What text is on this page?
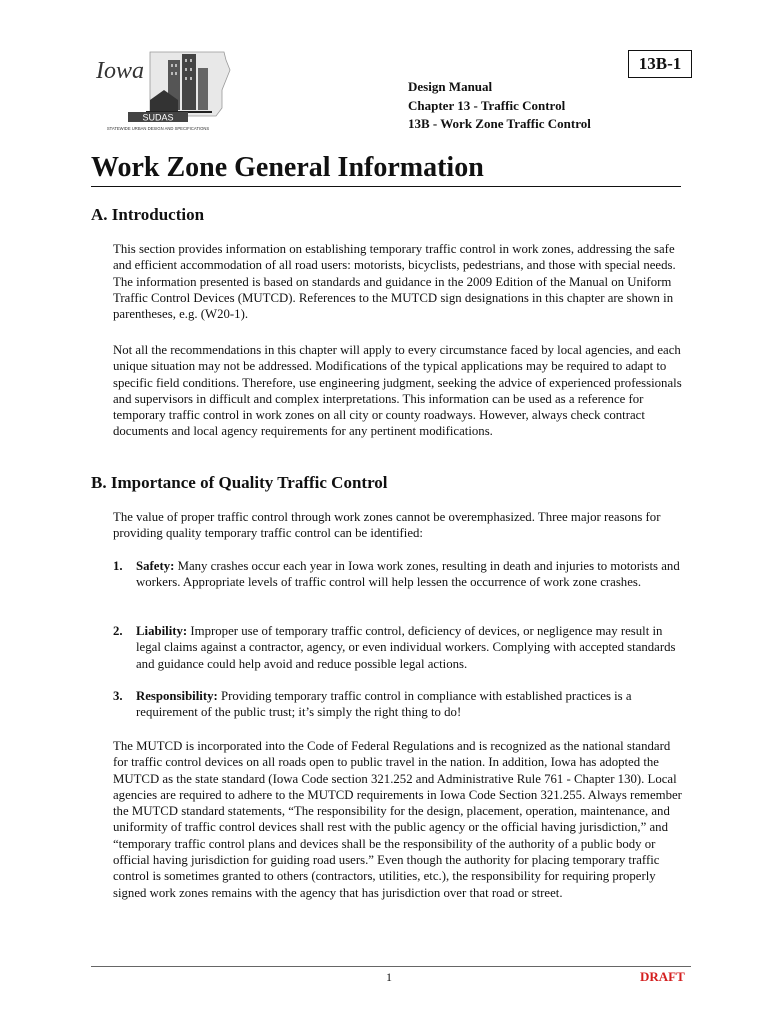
Iowa
SUDAS
STATEWIDE URBAN DESIGN AND SPECIFICATIONS
13B-1
Design Manual
Chapter 13 - Traffic Control
13B - Work Zone Traffic Control
Work Zone General Information
A. Introduction

This section provides information on establishing temporary traffic control in work zones, addressing the safe and efficient accommodation of all road users: motorists, bicyclists, pedestrians, and those with special needs. The information presented is based on standards and guidance in the 2009 Edition of the Manual on Uniform Traffic Control Devices (MUTCD). References to the MUTCD sign designations in this chapter are shown in parentheses, e.g. (W20-1).

Not all the recommendations in this chapter will apply to every circumstance faced by local agencies, and each unique situation may not be addressed. Modifications of the typical applications may be required to adapt to specific field conditions. Therefore, use engineering judgment, seeking the advice of experienced professionals and supervisors in difficult and complex interpretations. This information can be used as a reference for temporary traffic control in work zones on all city or county roadways. However, always check contract documents and local agency requirements for any pertinent modifications.

B. Importance of Quality Traffic Control

The value of proper traffic control through work zones cannot be overemphasized. Three major reasons for providing quality temporary traffic control can be identified:

1.	Safety: Many crashes occur each year in Iowa work zones, resulting in death and injuries to motorists and workers. Appropriate levels of traffic control will help lessen the occurrence of work zone crashes.
2.	Liability: Improper use of temporary traffic control, deficiency of devices, or negligence may result in legal claims against a contractor, agency, or even individual workers. Complying with accepted standards and guidance could help avoid and reduce possible legal actions.
3.	Responsibility: Providing temporary traffic control in compliance with established practices is a requirement of the public trust; it’s simply the right thing to do!

The MUTCD is incorporated into the Code of Federal Regulations and is recognized as the national standard for traffic control devices on all roads open to public travel in the nation. In addition, Iowa has adopted the MUTCD as the state standard (Iowa Code section 321.252 and Administrative Rule 761 - Chapter 130). Local agencies are required to adhere to the MUTCD requirements in Iowa Code Section 321.255. Always remember the MUTCD standard statements, “The responsibility for the design, placement, operation, maintenance, and uniformity of traffic control devices shall rest with the public agency or the official having jurisdiction,” and “temporary traffic control plans and devices shall be the responsibility of the authority of a public body or official having jurisdiction for guiding road users.” Even though the authority for placing temporary traffic control is sometimes granted to others (contractors, utilities, etc.), the responsibility for requiring properly signed work zones remains with the agency that has jurisdiction over that road or street.

1	DRAFT
